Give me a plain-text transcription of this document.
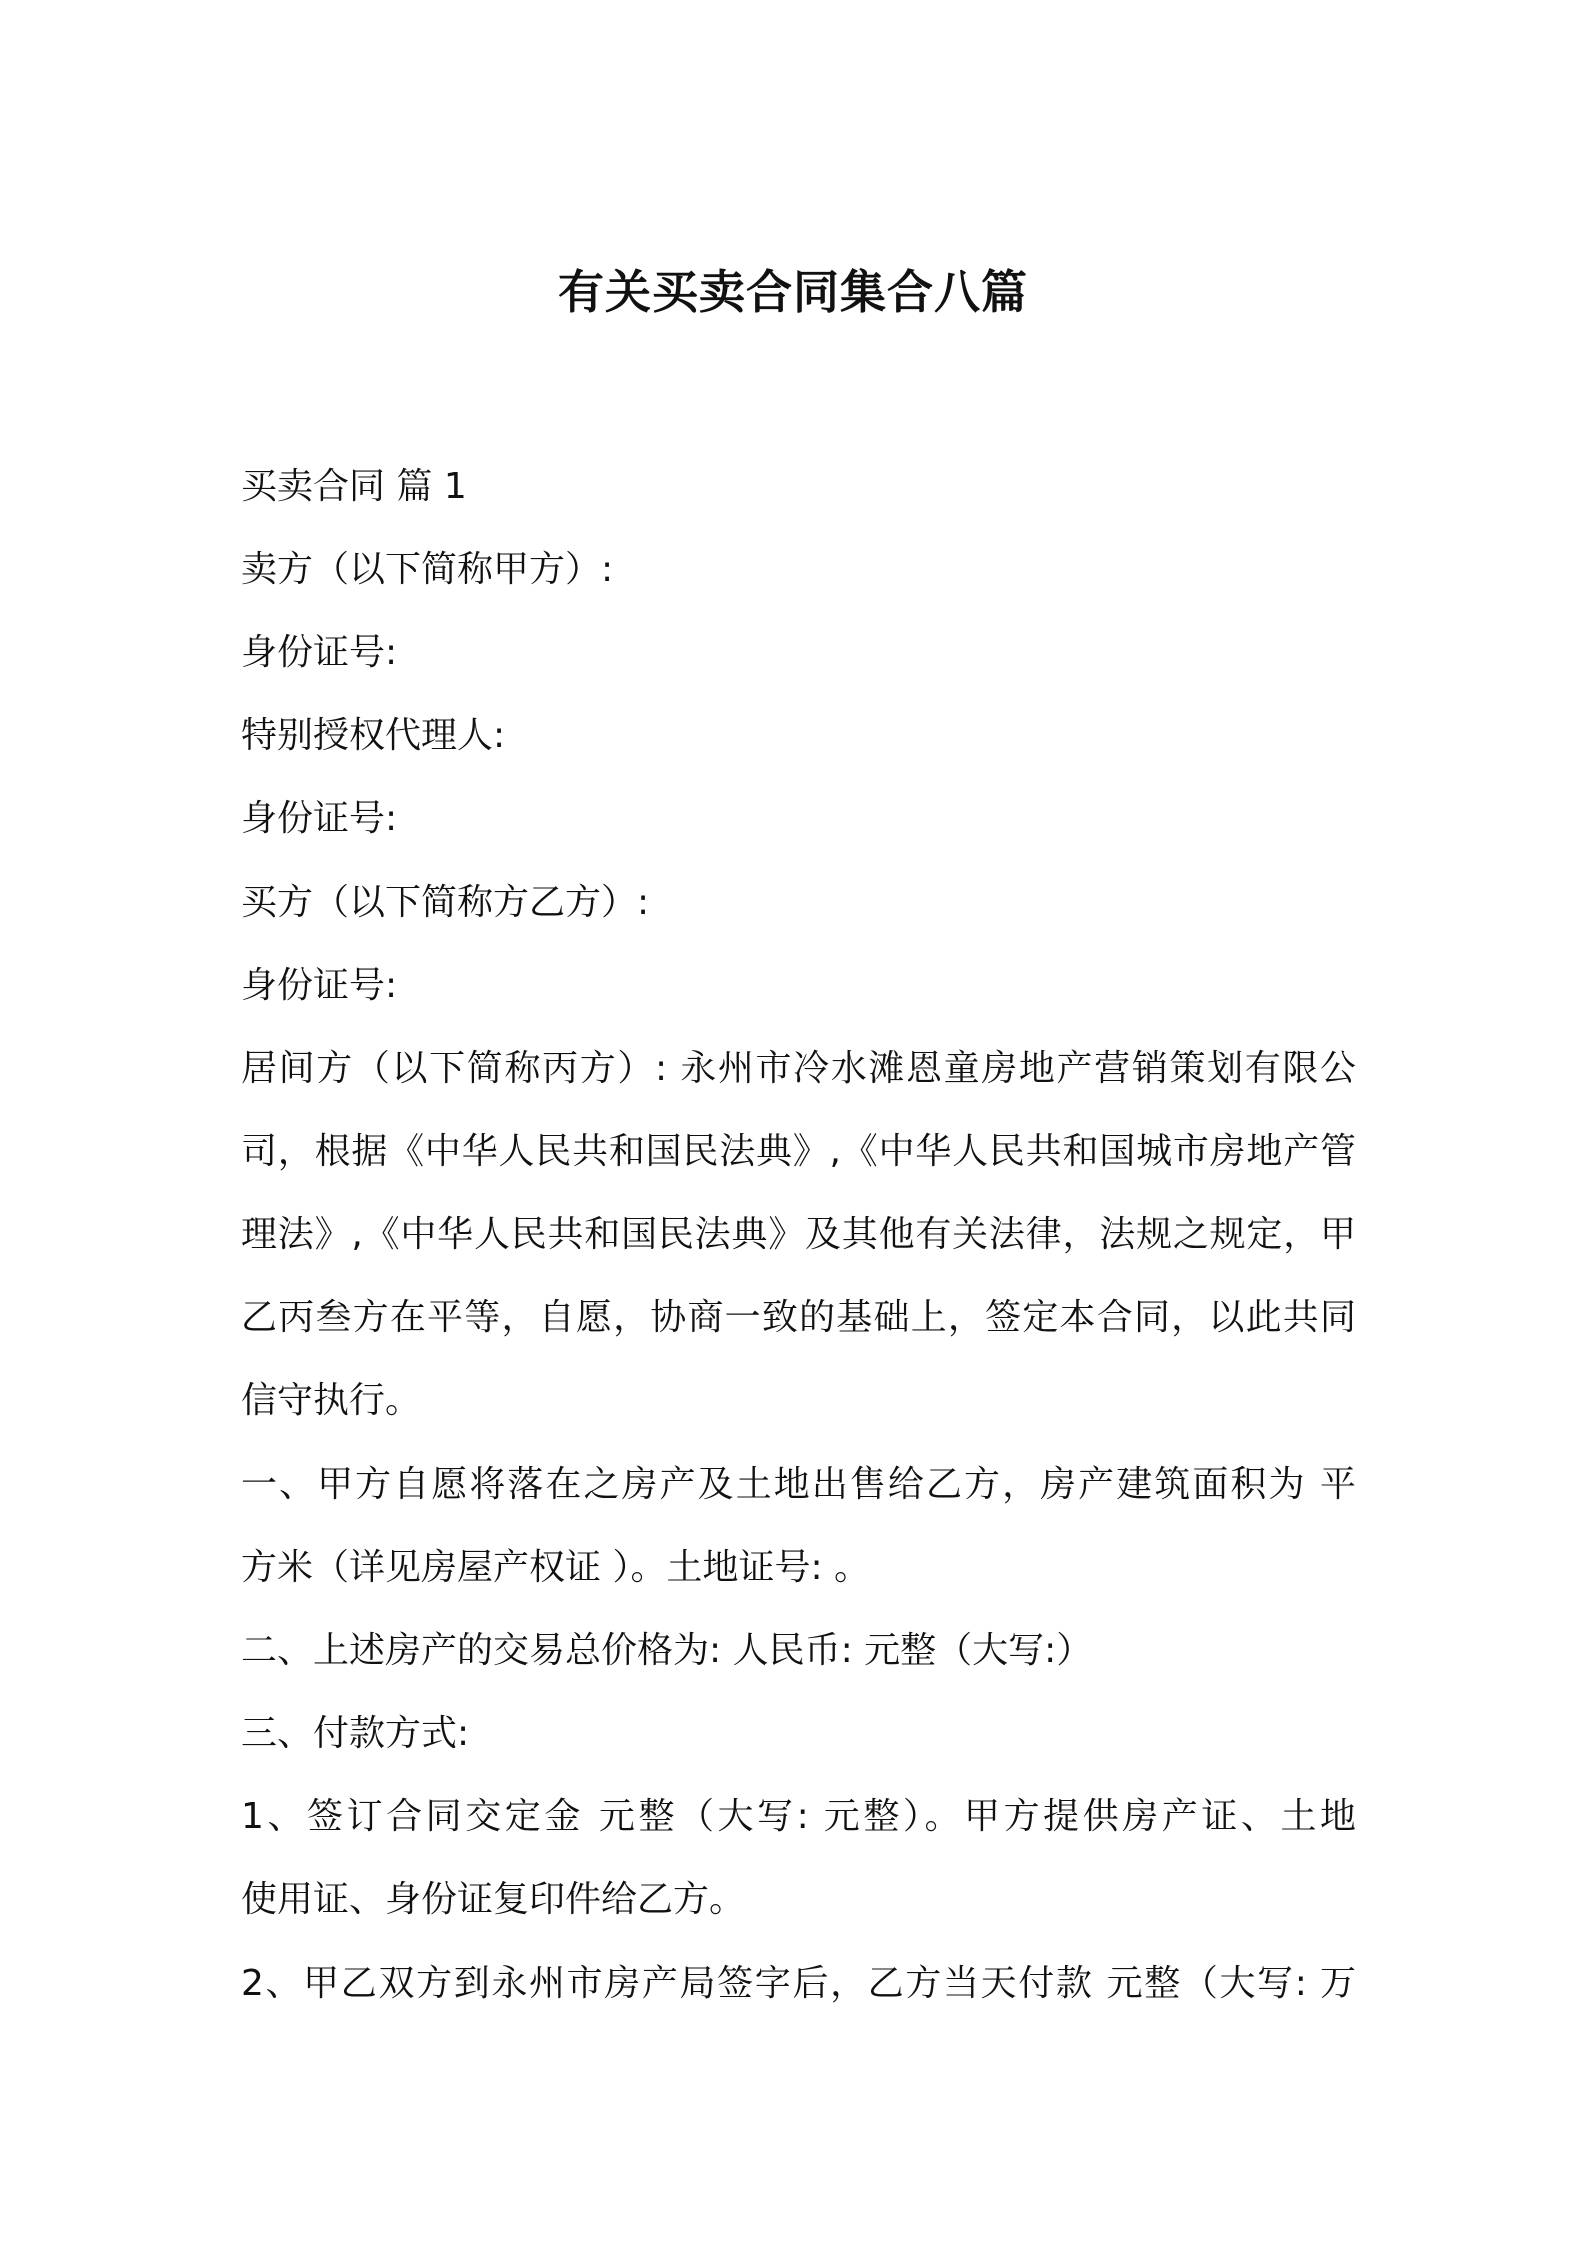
有关买卖合同集合八篇

买卖合同 篇 1

卖方（以下简称甲方）:

身份证号:

特别授权代理人:

身份证号:

买方（以下简称方乙方）:

身份证号:

居间方（以下简称丙方）: 永州市冷水滩恩童房地产营销策划有限公

司，根据《中华人民共和国民法典》,《中华人民共和国城市房地产管

理法》,《中华人民共和国民法典》及其他有关法律，法规之规定，甲

乙丙叁方在平等，自愿，协商一致的基础上，签定本合同，以此共同

信守执行。

一、甲方自愿将落在之房产及土地出售给乙方，房产建筑面积为 平

方米（详见房屋产权证 ）。土地证号: 。

二、上述房产的交易总价格为: 人民币: 元整（大写:）

三、付款方式:

1、签订合同交定金 元整（大写: 元整）。甲方提供房产证、土地

使用证、身份证复印件给乙方。

2、甲乙双方到永州市房产局签字后，乙方当天付款 元整（大写: 万
